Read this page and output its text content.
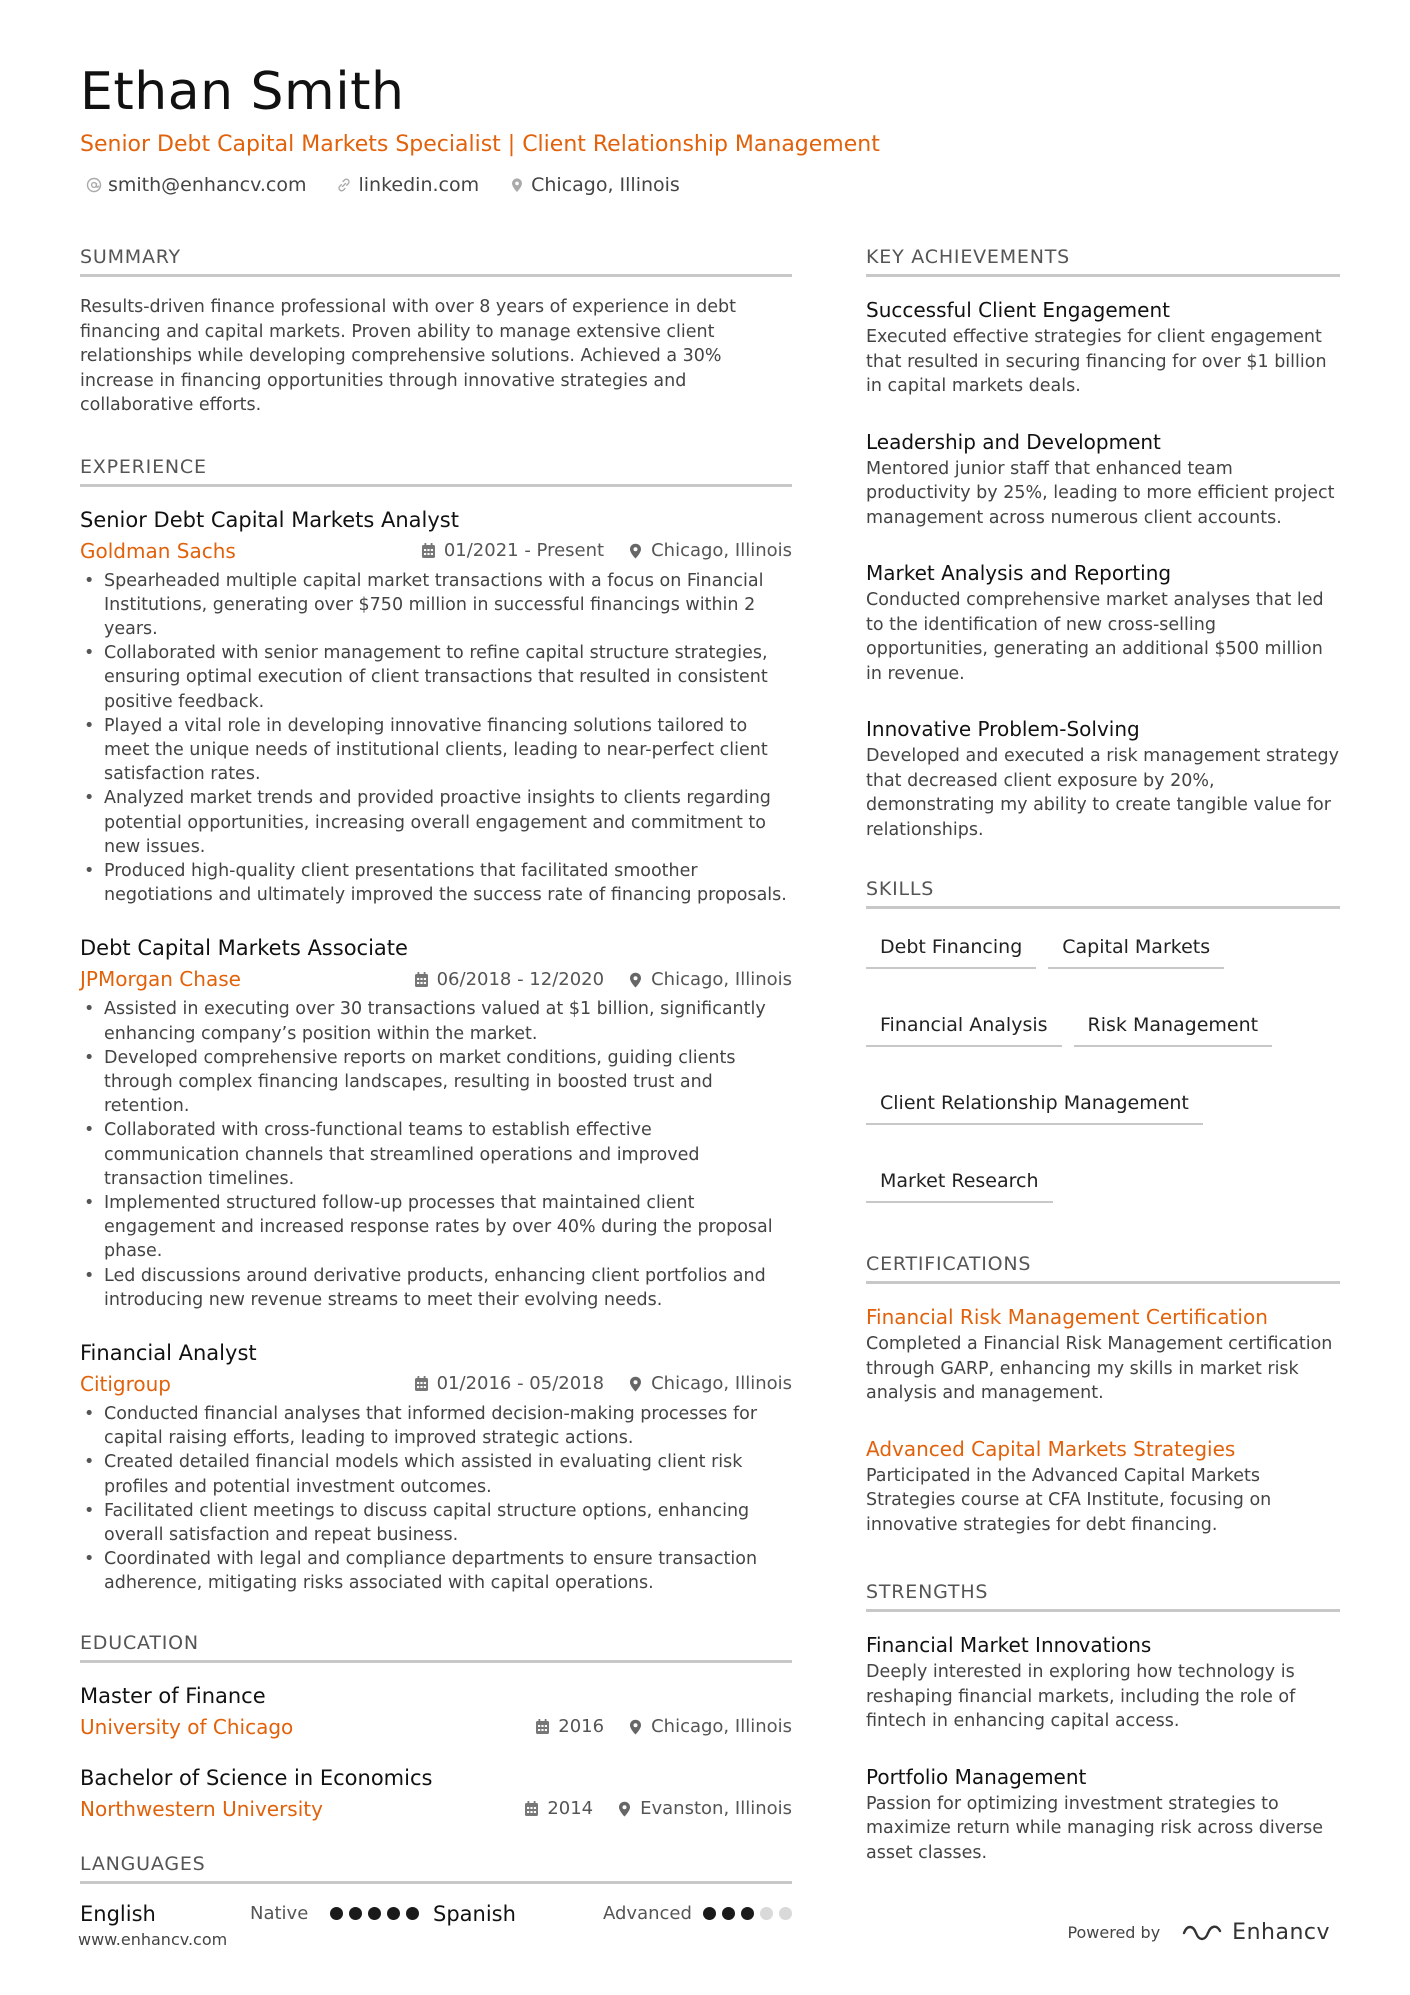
Ethan Smith
Senior Debt Capital Markets Specialist | Client Relationship Management
smith@enhancv.com	linkedin.com	Chicago, Illinois
SUMMARY
Results-driven finance professional with over 8 years of experience in debt financing and capital markets. Proven ability to manage extensive client relationships while developing comprehensive solutions. Achieved a 30% increase in financing opportunities through innovative strategies and collaborative efforts.
EXPERIENCE
Senior Debt Capital Markets Analyst
Goldman Sachs	01/2021 - Present	Chicago, Illinois
• Spearheaded multiple capital market transactions with a focus on Financial Institutions, generating over $750 million in successful financings within 2 years.
• Collaborated with senior management to refine capital structure strategies, ensuring optimal execution of client transactions that resulted in consistent positive feedback.
• Played a vital role in developing innovative financing solutions tailored to meet the unique needs of institutional clients, leading to near-perfect client satisfaction rates.
• Analyzed market trends and provided proactive insights to clients regarding potential opportunities, increasing overall engagement and commitment to new issues.
• Produced high-quality client presentations that facilitated smoother negotiations and ultimately improved the success rate of financing proposals.
Debt Capital Markets Associate
JPMorgan Chase	06/2018 - 12/2020	Chicago, Illinois
• Assisted in executing over 30 transactions valued at $1 billion, significantly enhancing company’s position within the market.
• Developed comprehensive reports on market conditions, guiding clients through complex financing landscapes, resulting in boosted trust and retention.
• Collaborated with cross-functional teams to establish effective communication channels that streamlined operations and improved transaction timelines.
• Implemented structured follow-up processes that maintained client engagement and increased response rates by over 40% during the proposal phase.
• Led discussions around derivative products, enhancing client portfolios and introducing new revenue streams to meet their evolving needs.
Financial Analyst
Citigroup	01/2016 - 05/2018	Chicago, Illinois
• Conducted financial analyses that informed decision-making processes for capital raising efforts, leading to improved strategic actions.
• Created detailed financial models which assisted in evaluating client risk profiles and potential investment outcomes.
• Facilitated client meetings to discuss capital structure options, enhancing overall satisfaction and repeat business.
• Coordinated with legal and compliance departments to ensure transaction adherence, mitigating risks associated with capital operations.
EDUCATION
Master of Finance
University of Chicago	2016	Chicago, Illinois
Bachelor of Science in Economics
Northwestern University	2014	Evanston, Illinois
LANGUAGES
English	Native	Spanish	Advanced
KEY ACHIEVEMENTS
Successful Client Engagement
Executed effective strategies for client engagement that resulted in securing financing for over $1 billion in capital markets deals.
Leadership and Development
Mentored junior staff that enhanced team productivity by 25%, leading to more efficient project management across numerous client accounts.
Market Analysis and Reporting
Conducted comprehensive market analyses that led to the identification of new cross-selling opportunities, generating an additional $500 million in revenue.
Innovative Problem-Solving
Developed and executed a risk management strategy that decreased client exposure by 20%, demonstrating my ability to create tangible value for relationships.
SKILLS
Debt Financing	Capital Markets
Financial Analysis	Risk Management
Client Relationship Management
Market Research
CERTIFICATIONS
Financial Risk Management Certification
Completed a Financial Risk Management certification through GARP, enhancing my skills in market risk analysis and management.
Advanced Capital Markets Strategies
Participated in the Advanced Capital Markets Strategies course at CFA Institute, focusing on innovative strategies for debt financing.
STRENGTHS
Financial Market Innovations
Deeply interested in exploring how technology is reshaping financial markets, including the role of fintech in enhancing capital access.
Portfolio Management
Passion for optimizing investment strategies to maximize return while managing risk across diverse asset classes.
www.enhancv.com	Powered by	Enhancv
